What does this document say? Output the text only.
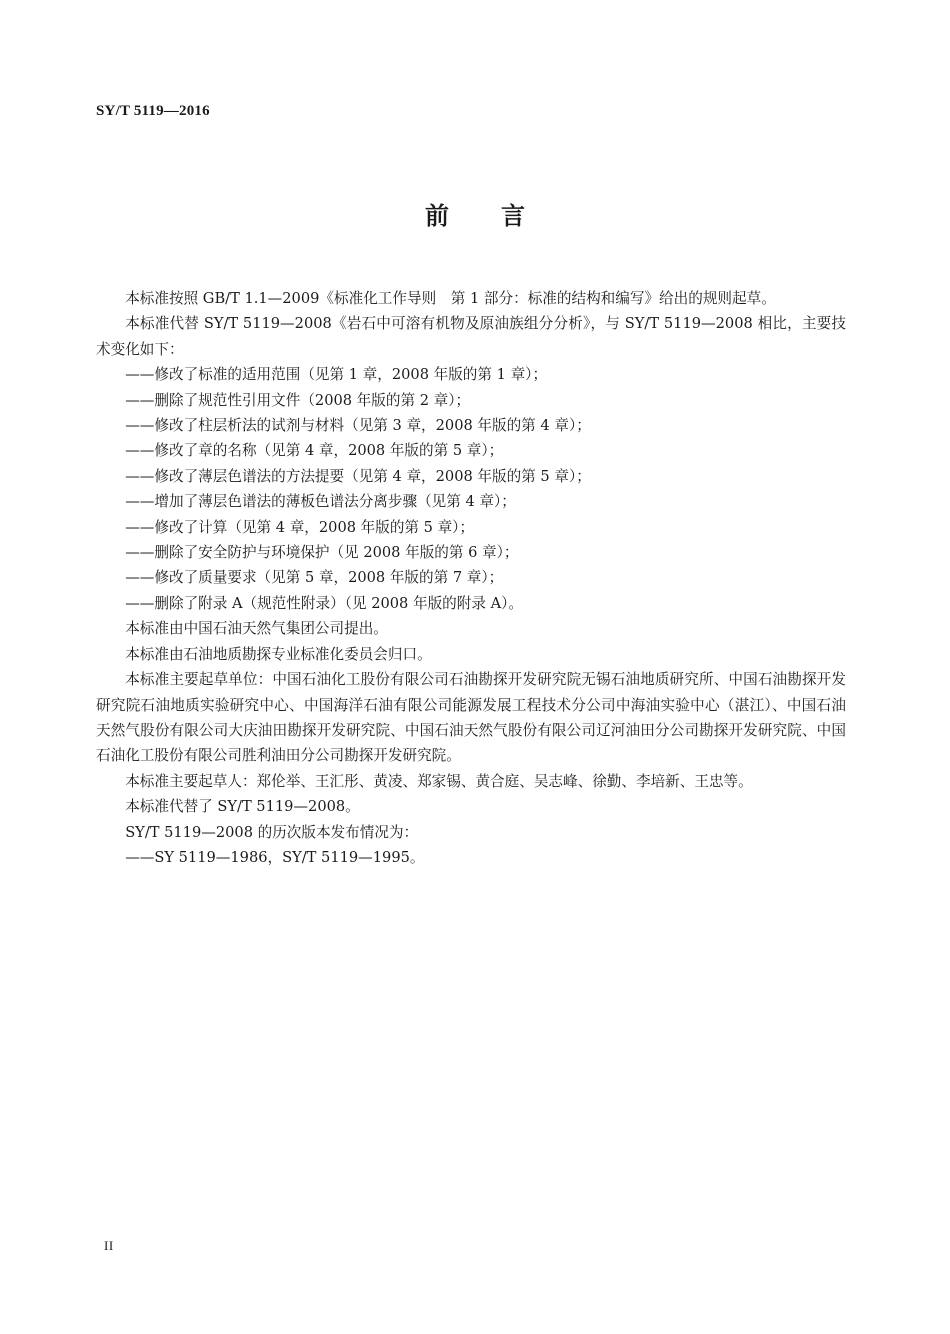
SY/T 5119—2016
前 言

本标准按照 GB/T 1.1—2009《标准化工作导则　第 1 部分：标准的结构和编写》给出的规则起草。

本标准代替 SY/T 5119—2008《岩石中可溶有机物及原油族组分分析》，与 SY/T 5119—2008 相比，主要技术变化如下：

——修改了标准的适用范围（见第 1 章，2008 年版的第 1 章）；
——删除了规范性引用文件（2008 年版的第 2 章）；
——修改了柱层析法的试剂与材料（见第 3 章，2008 年版的第 4 章）；
——修改了章的名称（见第 4 章，2008 年版的第 5 章）；
——修改了薄层色谱法的方法提要（见第 4 章，2008 年版的第 5 章）；
——增加了薄层色谱法的薄板色谱法分离步骤（见第 4 章）；
——修改了计算（见第 4 章，2008 年版的第 5 章）；
——删除了安全防护与环境保护（见 2008 年版的第 6 章）；
——修改了质量要求（见第 5 章，2008 年版的第 7 章）；
——删除了附录 A（规范性附录）（见 2008 年版的附录 A）。

本标准由中国石油天然气集团公司提出。

本标准由石油地质勘探专业标准化委员会归口。

本标准主要起草单位：中国石油化工股份有限公司石油勘探开发研究院无锡石油地质研究所、中国石油勘探开发研究院石油地质实验研究中心、中国海洋石油有限公司能源发展工程技术分公司中海油实验中心（湛江）、中国石油天然气股份有限公司大庆油田勘探开发研究院、中国石油天然气股份有限公司辽河油田分公司勘探开发研究院、中国石油化工股份有限公司胜利油田分公司勘探开发研究院。

本标准主要起草人：郑伦举、王汇彤、黄凌、郑家锡、黄合庭、吴志峰、徐勤、李培新、王忠等。

本标准代替了 SY/T 5119—2008。

SY/T 5119—2008 的历次版本发布情况为：

——SY 5119—1986，SY/T 5119—1995。
II
